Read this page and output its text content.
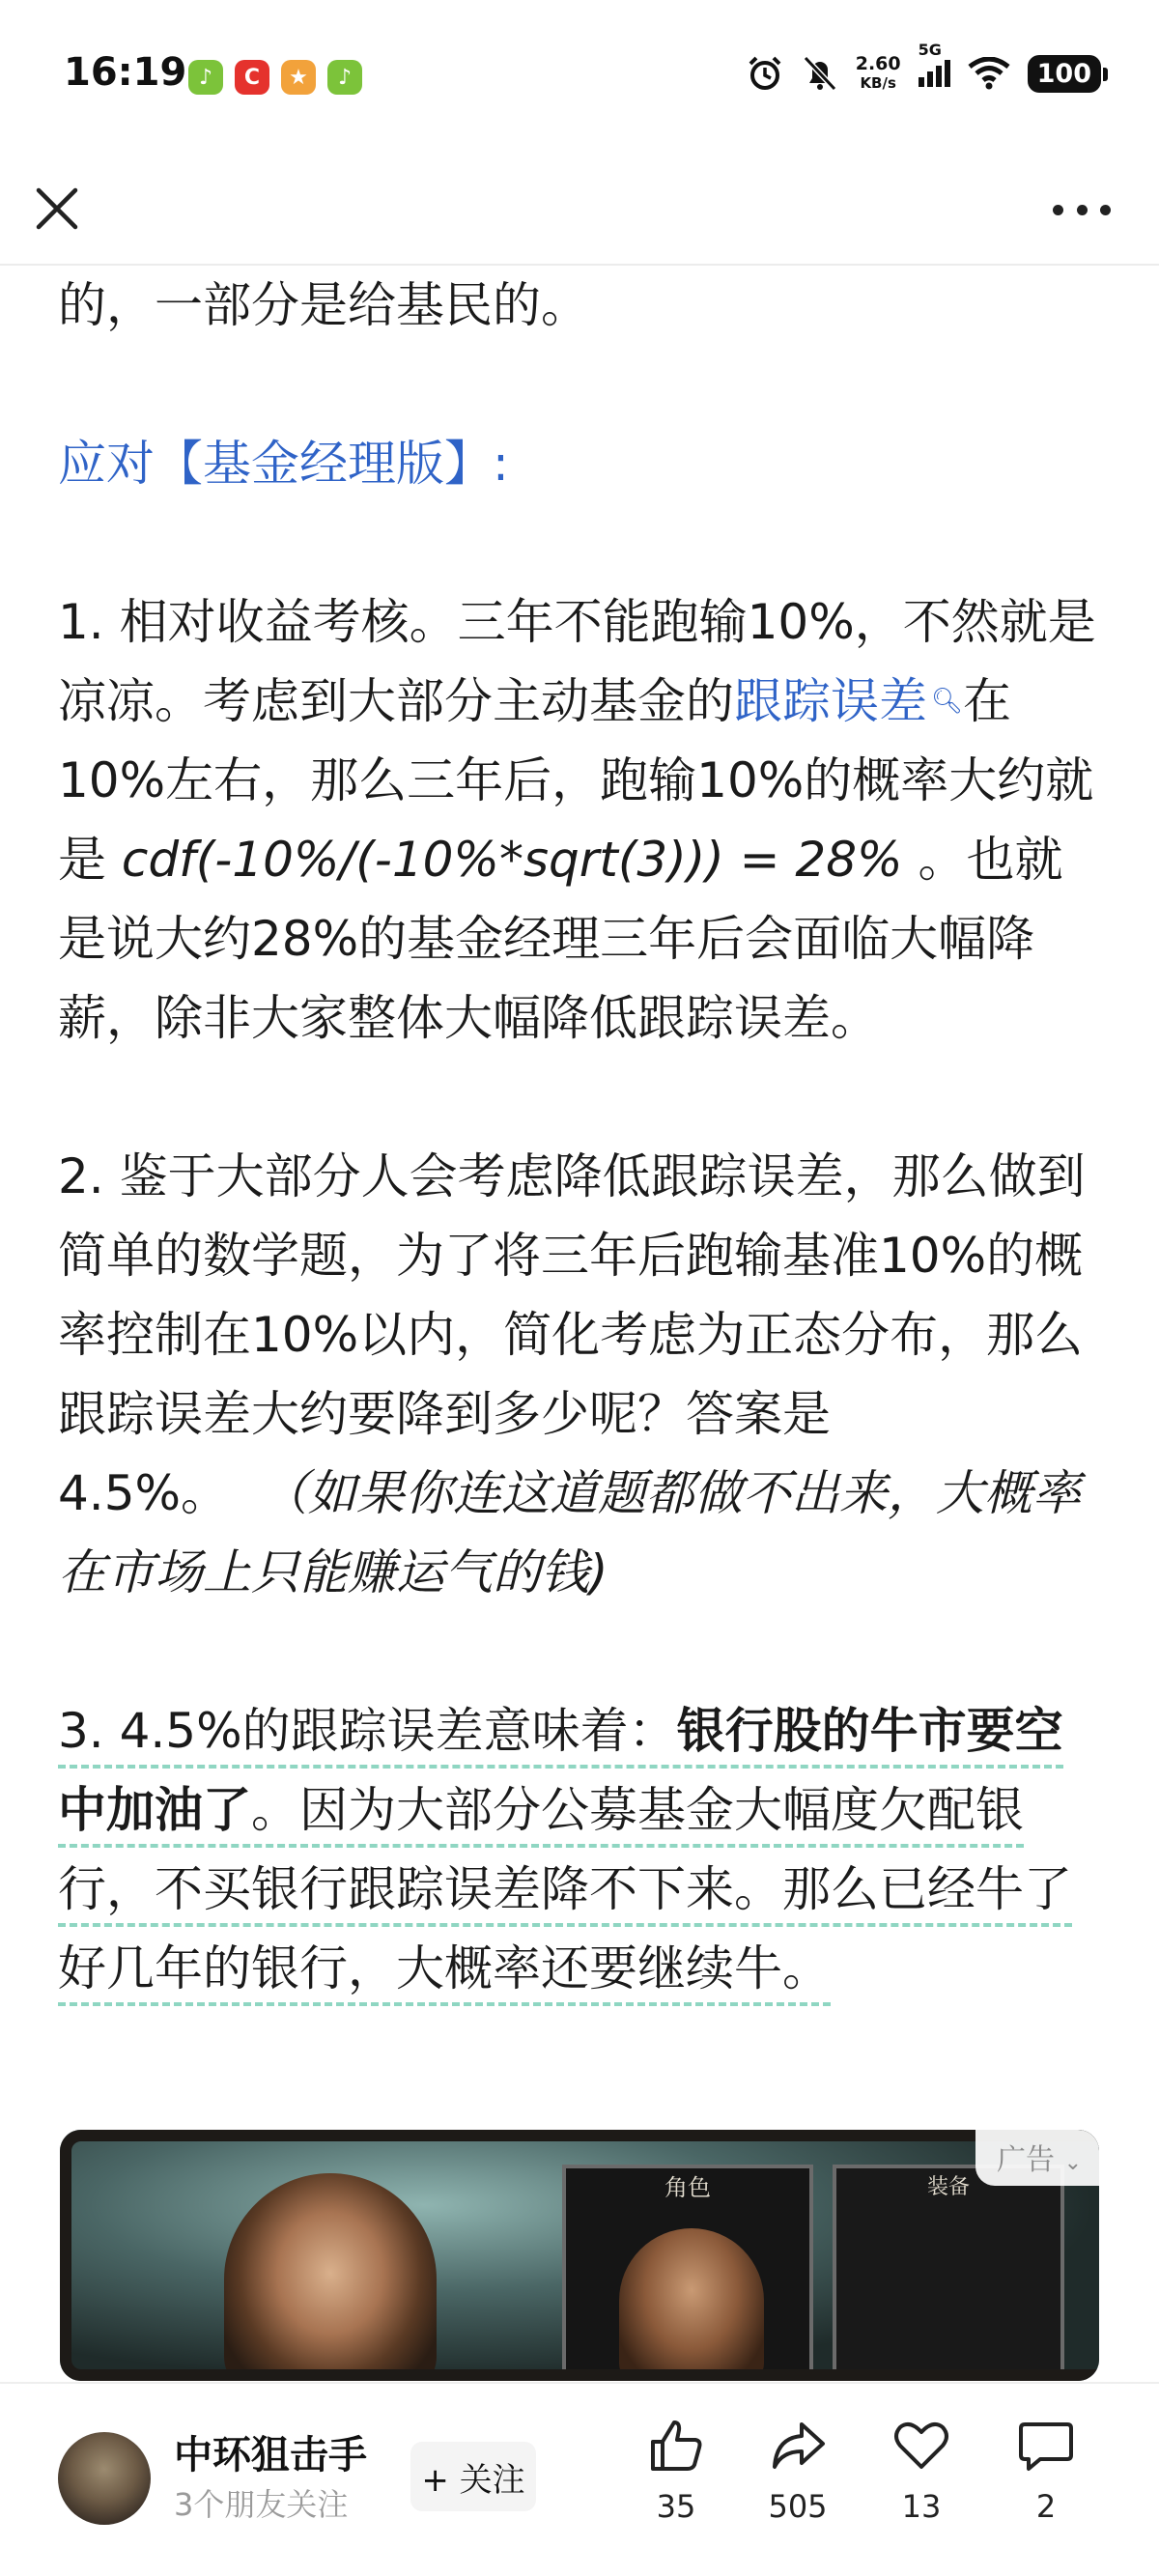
16:19 ♪	C	★	♪
2.60
KB/s
5G
100

的，一部分是给基民的。

应对【基金经理版】:

1. 相对收益考核。三年不能跑输10%，不然就是凉凉。考虑到大部分主动基金的跟踪误差 🔍︎在10%左右，那么三年后，跑输10%的概率大约就是 cdf(-10%/(-10%*sqrt(3))) = 28% 。也就是说大约28%的基金经理三年后会面临大幅降薪，除非大家整体大幅降低跟踪误差。

2. 鉴于大部分人会考虑降低跟踪误差，那么做到简单的数学题，为了将三年后跑输基准10%的概率控制在10%以内，简化考虑为正态分布，那么跟踪误差大约要降到多少呢？答案是4.5%。 （如果你连这道题都做不出来，大概率在市场上只能赚运气的钱)

3. 4.5%的跟踪误差意味着：银行股的牛市要空中加油了。因为大部分公募基金大幅度欠配银行，不买银行跟踪误差降不下来。那么已经牛了好几年的银行，大概率还要继续牛。

角色	装备
广告 ⌄
中环狙击手
3个朋友关注
+ 关注
35	505	13	2
